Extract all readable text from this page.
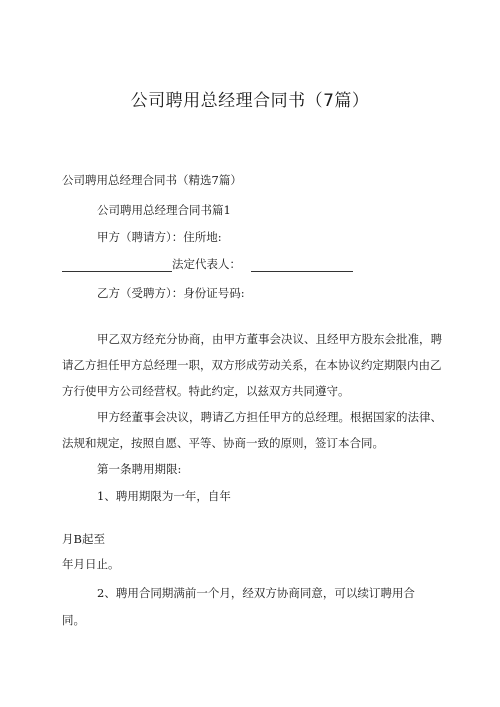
公司聘用总经理合同书（7篇）
公司聘用总经理合同书（精选7篇）
公司聘用总经理合同书篇1
甲方（聘请方）：住所地:
法定代表人：
乙方（受聘方）：身份证号码:
甲乙双方经充分协商，由甲方董事会决议、且经甲方股东会批准，聘
请乙方担任甲方总经理一职，双方形成劳动关系，在本协议约定期限内由乙
方行使甲方公司经营权。特此约定，以兹双方共同遵守。
甲方经董事会决议，聘请乙方担任甲方的总经理。根据国家的法律、
法规和规定，按照自愿、平等、协商一致的原则，签订本合同。
第一条聘用期限:
1、聘用期限为一年，自年
月B起至
年月日止。
2、聘用合同期满前一个月，经双方协商同意，可以续订聘用合
同。
